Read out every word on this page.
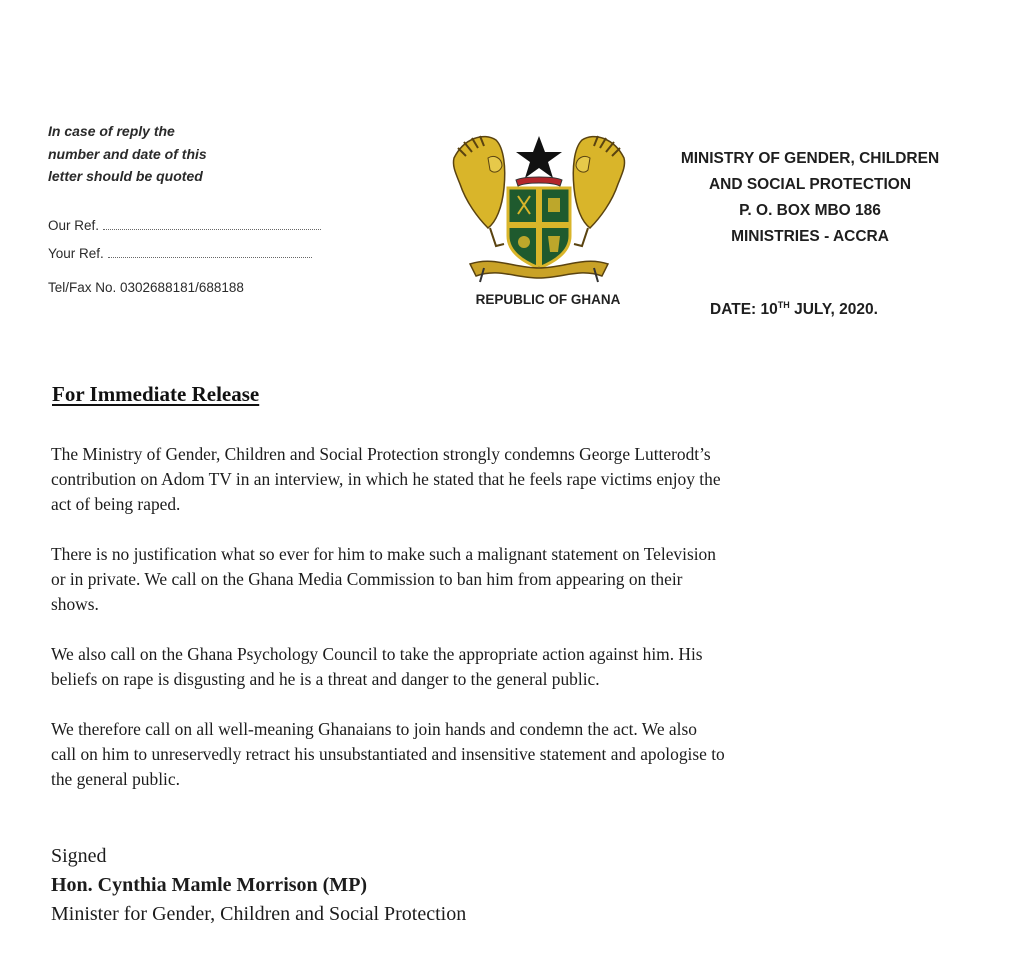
In case of reply the
number and date of this
letter should be quoted
Our Ref.
Your Ref.
Tel/Fax No. 0302688181/688188
REPUBLIC OF GHANA
MINISTRY OF GENDER, CHILDREN
AND SOCIAL PROTECTION
P. O. BOX MBO 186
MINISTRIES - ACCRA
DATE: 10TH JULY, 2020.
For Immediate Release
The Ministry of Gender, Children and Social Protection strongly condemns George Lutterodt’s
contribution on Adom TV in an interview, in which he stated that he feels rape victims enjoy the
act of being raped.
There is no justification what so ever for him to make such a malignant statement on Television
or in private. We call on the Ghana Media Commission to ban him from appearing on their
shows.
We also call on the Ghana Psychology Council to take the appropriate action against him. His
beliefs on rape is disgusting and he is a threat and danger to the general public.
We therefore call on all well-meaning Ghanaians to join hands and condemn the act. We also
call on him to unreservedly retract his unsubstantiated and insensitive statement and apologise to
the general public.
Signed
Hon. Cynthia Mamle Morrison (MP)
Minister for Gender, Children and Social Protection
